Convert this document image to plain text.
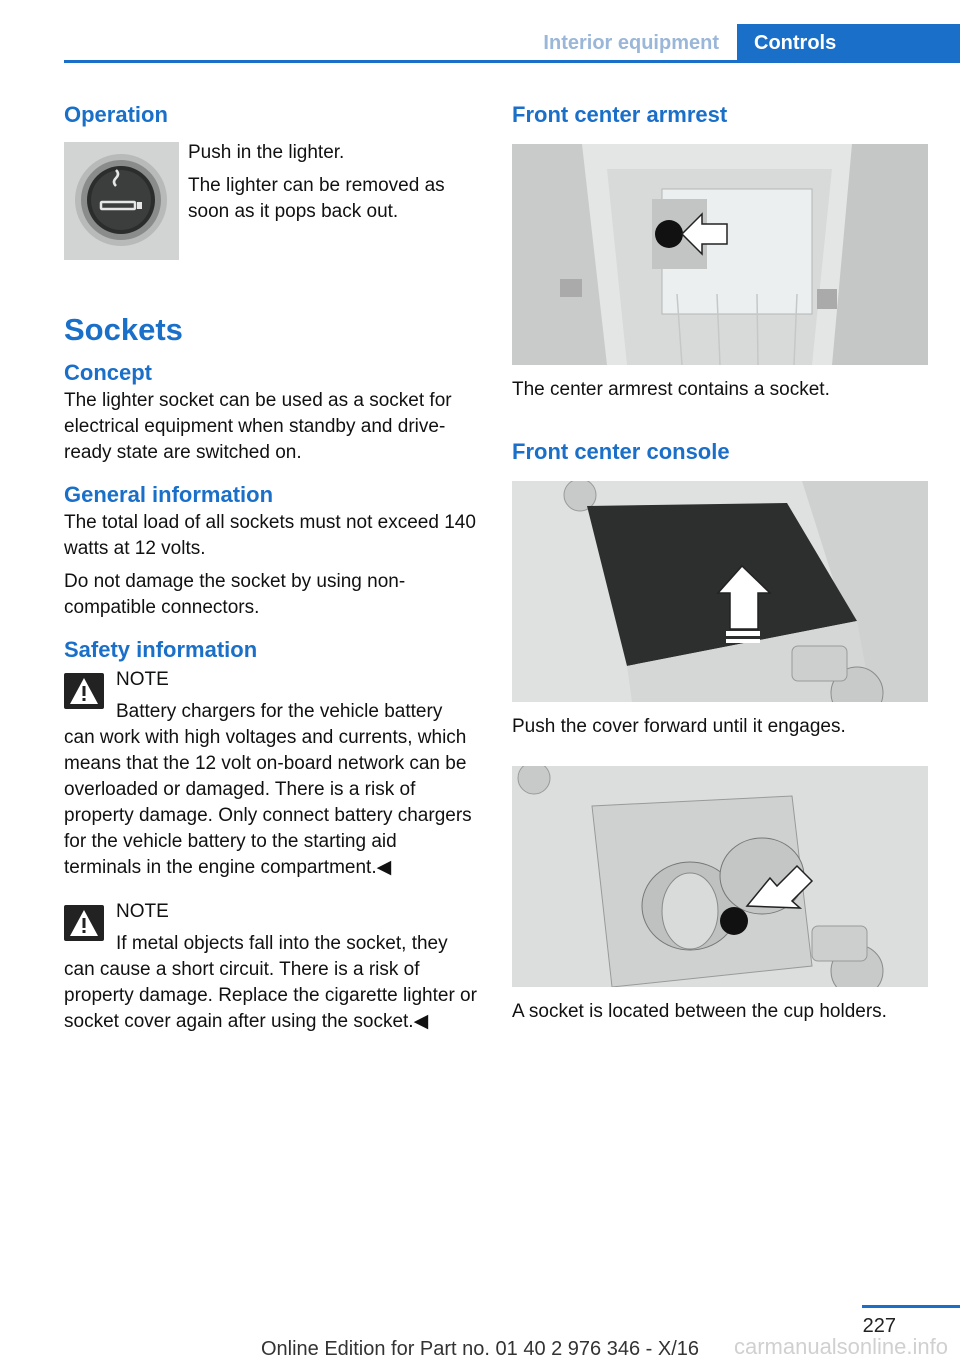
Interior equipment	Controls
Operation

Push in the lighter.

The lighter can be removed as soon as it pops back out.

Sockets
Concept

The lighter socket can be used as a socket for electrical equipment when standby and drive-ready state are switched on.

General information

The total load of all sockets must not exceed 140 watts at 12 volts.

Do not damage the socket by using non-compatible connectors.

Safety information

NOTE

Battery chargers for the vehicle battery can work with high voltages and currents, which means that the 12 volt on-board network can be overloaded or damaged. There is a risk of property damage. Only connect battery chargers for the vehicle battery to the starting aid terminals in the engine compartment.◀

NOTE

If metal objects fall into the socket, they can cause a short circuit. There is a risk of property damage. Replace the cigarette lighter or socket cover again after using the socket.◀

Front center armrest

The center armrest contains a socket.

Front center console

Push the cover forward until it engages.

A socket is located between the cup holders.

227
Online Edition for Part no. 01 40 2 976 346 - X/16	carmanualsonline.info
